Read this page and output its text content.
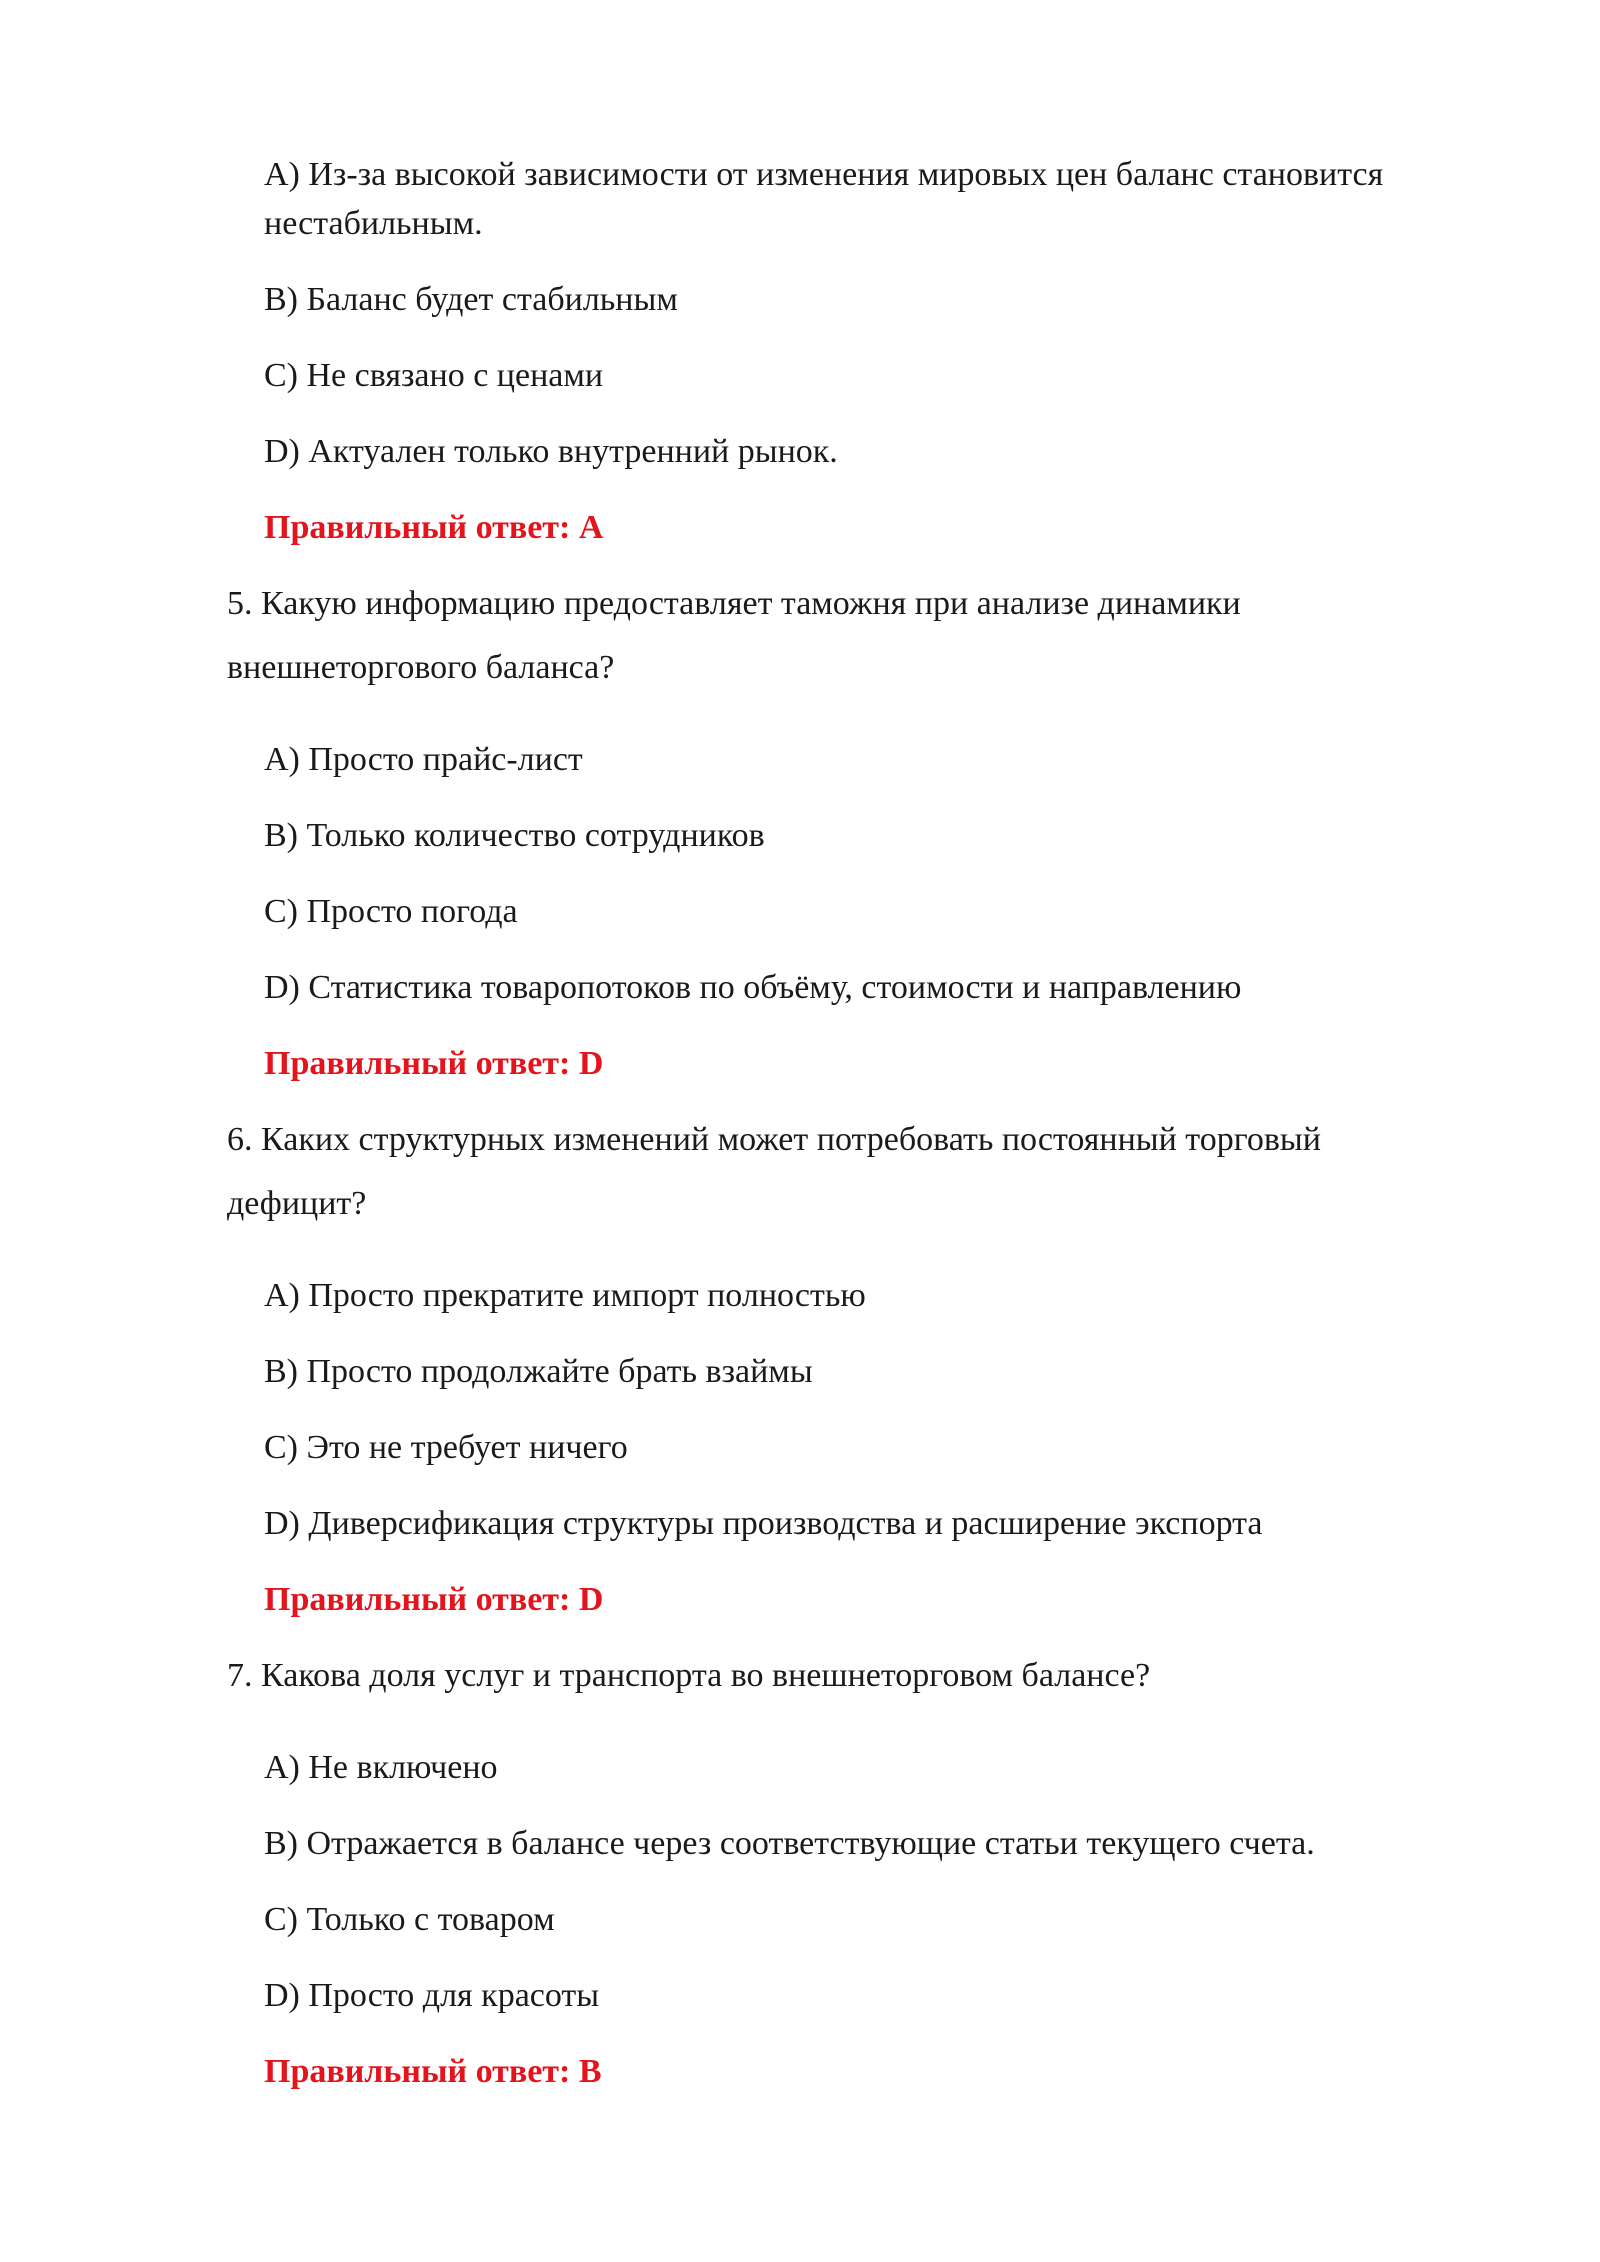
A) Из-за высокой зависимости от изменения мировых цен баланс становится нестабильным.
B) Баланс будет стабильным
C) Не связано с ценами
D) Актуален только внутренний рынок.
Правильный ответ: A
5. Какую информацию предоставляет таможня при анализе динамики
внешнеторгового баланса?
A) Просто прайс-лист
B) Только количество сотрудников
C) Просто погода
D) Статистика товаропотоков по объёму, стоимости и направлению
Правильный ответ: D
6. Каких структурных изменений может потребовать постоянный торговый
дефицит?
A) Просто прекратите импорт полностью
B) Просто продолжайте брать взаймы
C) Это не требует ничего
D) Диверсификация структуры производства и расширение экспорта
Правильный ответ: D
7. Какова доля услуг и транспорта во внешнеторговом балансе?
A) Не включено
B) Отражается в балансе через соответствующие статьи текущего счета.
C) Только с товаром
D) Просто для красоты
Правильный ответ: B
